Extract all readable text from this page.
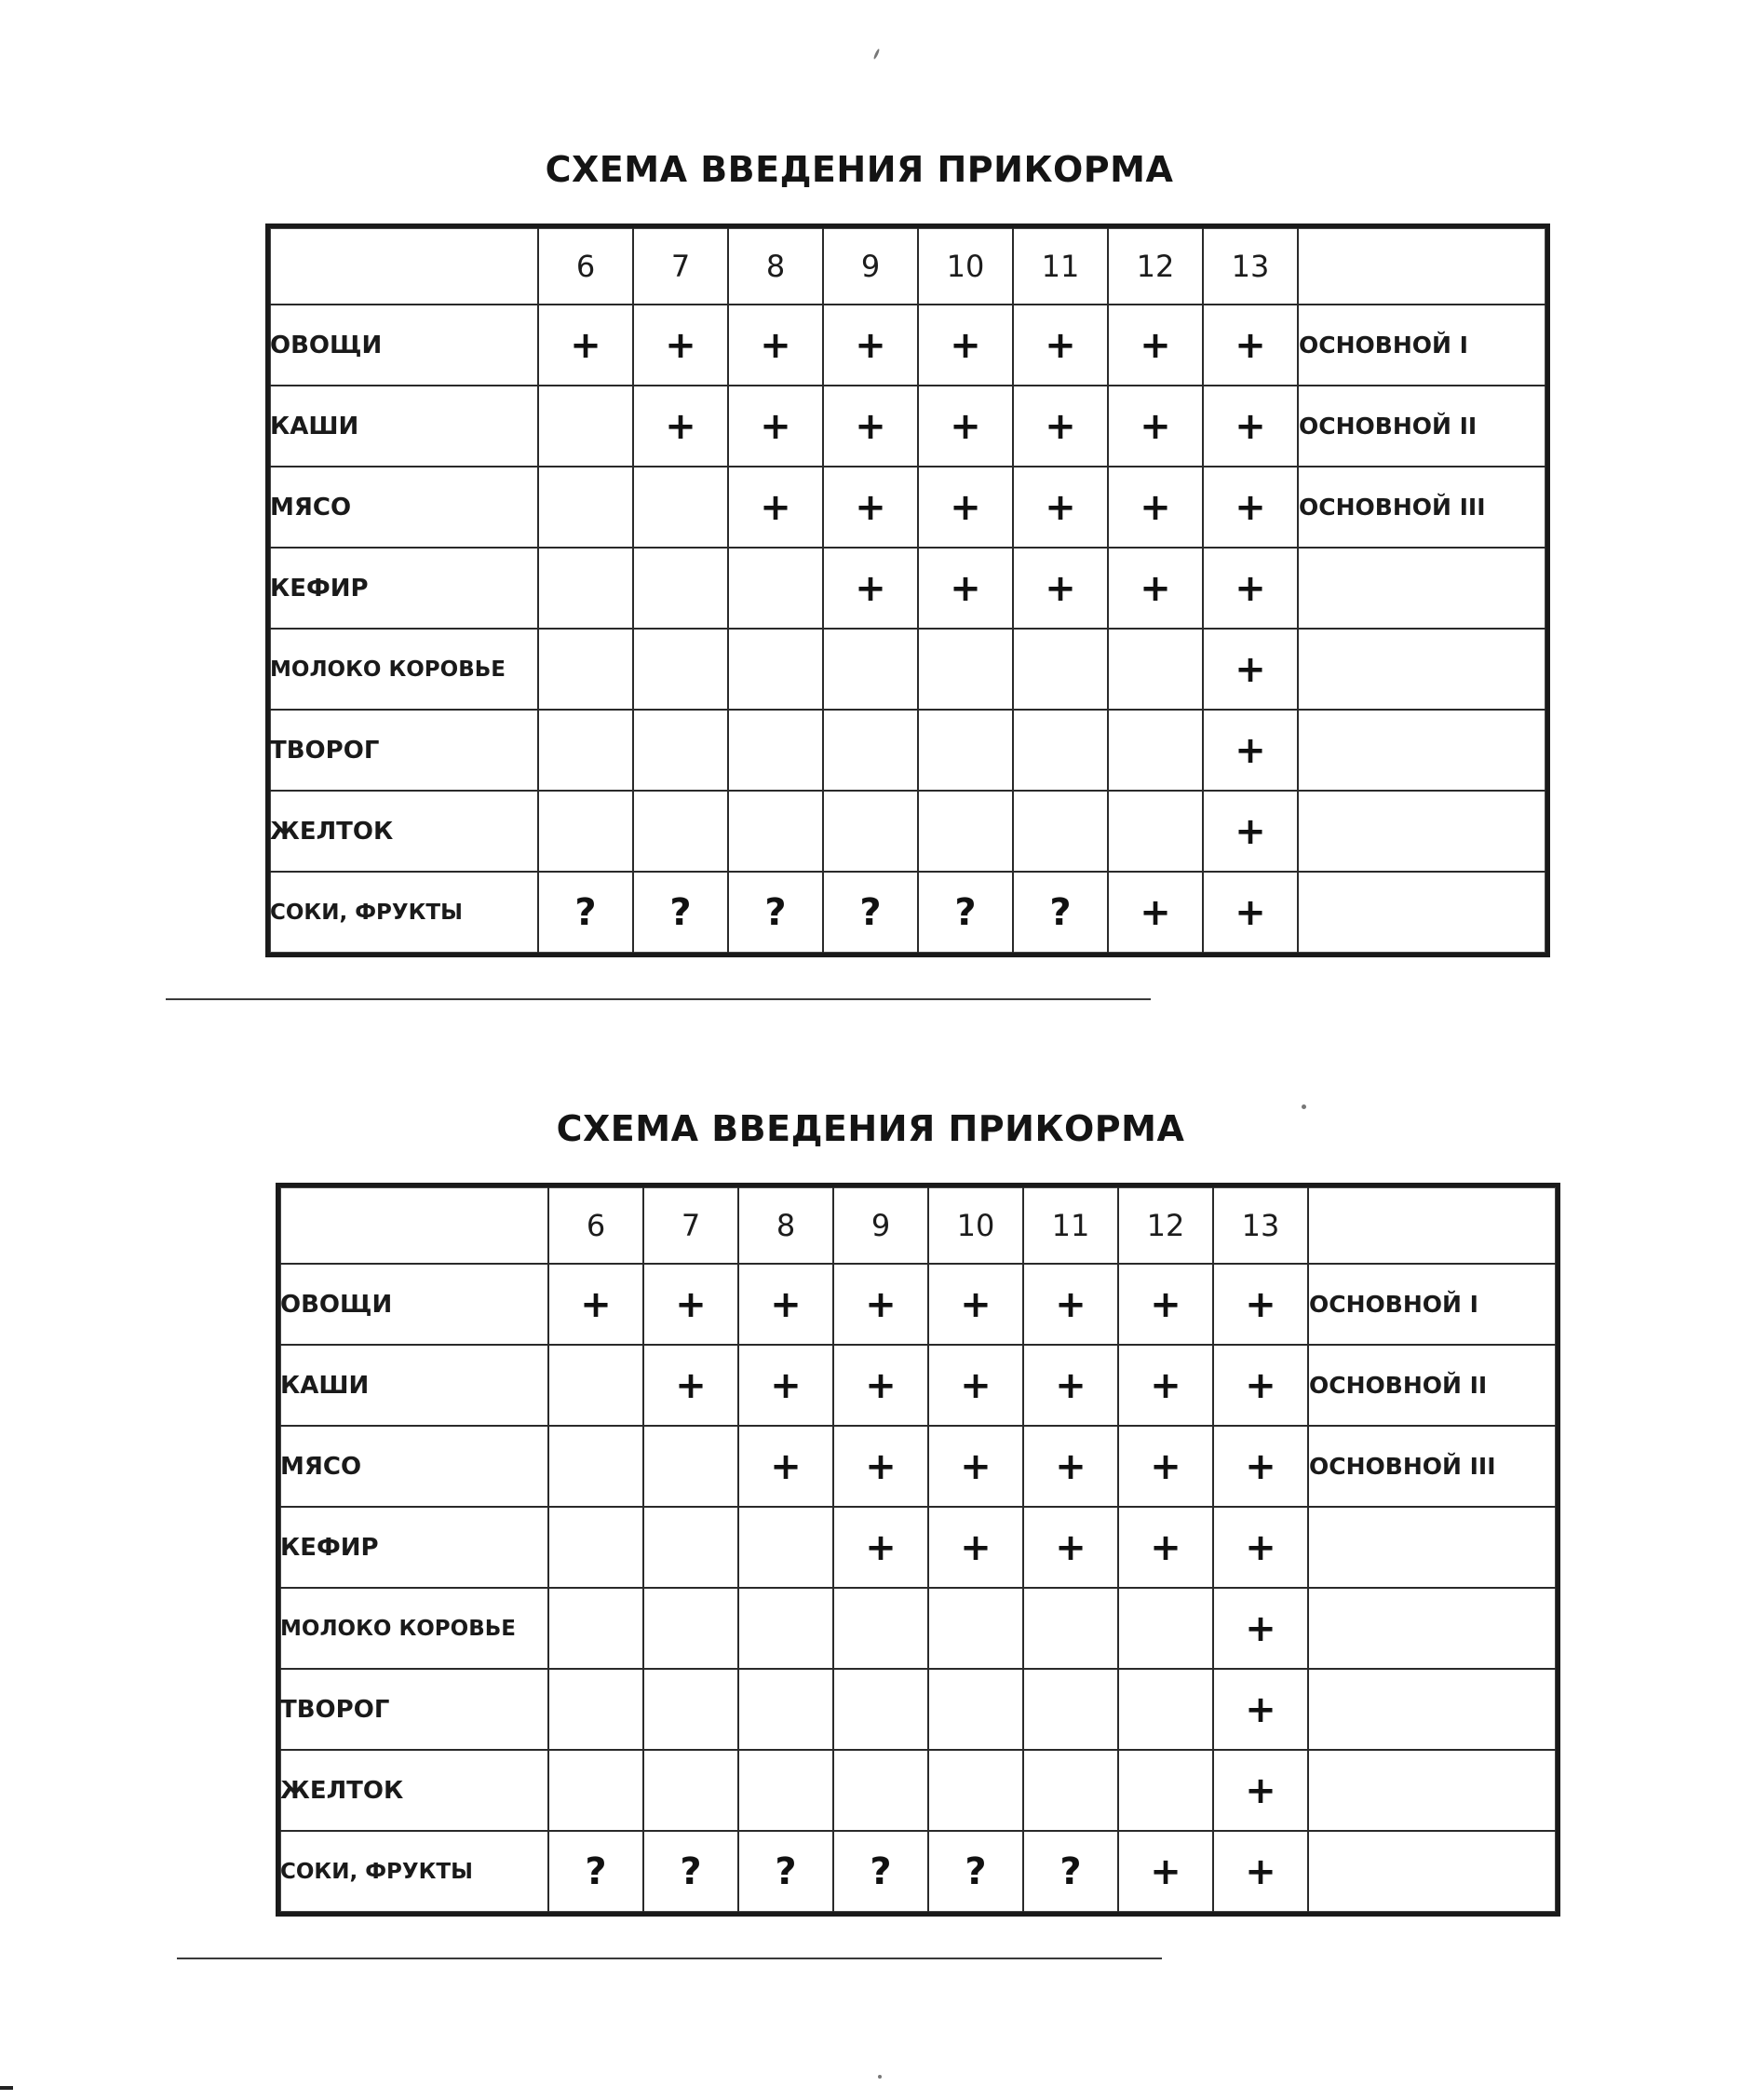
СХЕМА ВВЕДЕНИЯ ПРИКОРМА
	6	7	8	9	10	11	12	13	
ОВОЩИ	+	+	+	+	+	+	+	+	ОСНОВНОЙ I
КАШИ		+	+	+	+	+	+	+	ОСНОВНОЙ II
МЯСО			+	+	+	+	+	+	ОСНОВНОЙ III
КЕФИР				+	+	+	+	+	
МОЛОКО КОРОВЬЕ								+	
ТВОРОГ								+	
ЖЕЛТОК								+	
СОКИ, ФРУКТЫ	?	?	?	?	?	?	+	+	
СХЕМА ВВЕДЕНИЯ ПРИКОРМА
	6	7	8	9	10	11	12	13	
ОВОЩИ	+	+	+	+	+	+	+	+	ОСНОВНОЙ I
КАШИ		+	+	+	+	+	+	+	ОСНОВНОЙ II
МЯСО			+	+	+	+	+	+	ОСНОВНОЙ III
КЕФИР				+	+	+	+	+	
МОЛОКО КОРОВЬЕ								+	
ТВОРОГ								+	
ЖЕЛТОК								+	
СОКИ, ФРУКТЫ	?	?	?	?	?	?	+	+	
